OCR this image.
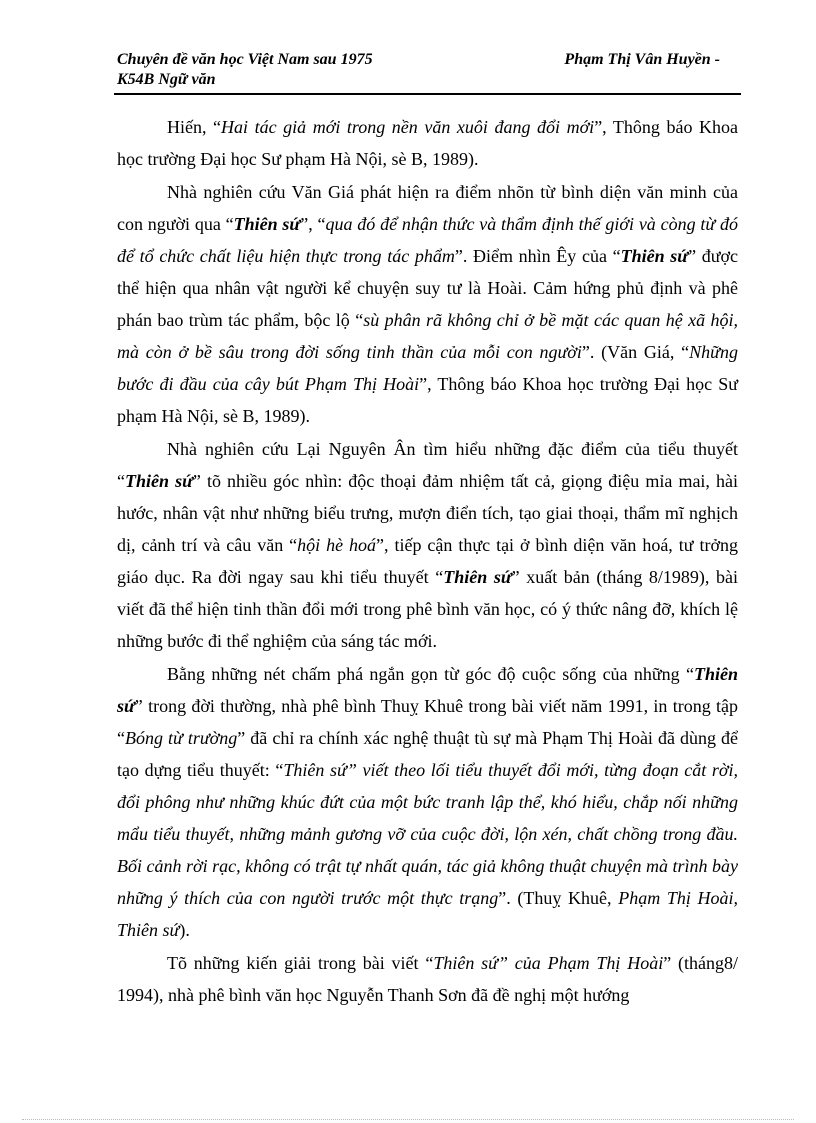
Chuyên đề văn học Việt Nam sau 1975	Phạm Thị Vân Huyền -
K54B Ngữ văn

Hiến, “Hai tác giả mới trong nền văn xuôi đang đổi mới”, Thông báo Khoa học trường Đại học Sư phạm Hà Nội, sè B, 1989).

Nhà nghiên cứu Văn Giá phát hiện ra điểm nhõn từ bình diện văn minh của con người qua “Thiên sứ”, “qua đó để nhận thức và thẩm định thế giới và còng từ đó để tổ chức chất liệu hiện thực trong tác phẩm”. Điểm nhìn Êy của “Thiên sứ” được thể hiện qua nhân vật người kể chuyện suy tư là Hoài. Cảm hứng phủ định và phê phán bao trùm tác phẩm, bộc lộ “sù phân rã không chỉ ở bề mặt các quan hệ xã hội, mà còn ở bề sâu trong đời sống tinh thần của mỗi con người”. (Văn Giá, “Những bước đi đầu của cây bút Phạm Thị Hoài”, Thông báo Khoa học trường Đại học Sư phạm Hà Nội, sè B, 1989).

Nhà nghiên cứu Lại Nguyên Ân tìm hiểu những đặc điểm của tiểu thuyết “Thiên sứ” tõ nhiều góc nhìn: độc thoại đảm nhiệm tất cả, giọng điệu mỉa mai, hài hước, nhân vật như những biểu trưng, mượn điển tích, tạo giai thoại, thẩm mĩ nghịch dị, cảnh trí và câu văn “hội hè hoá”, tiếp cận thực tại ở bình diện văn hoá, tư trởng giáo dục. Ra đời ngay sau khi tiểu thuyết “Thiên sứ” xuất bản (tháng 8/1989), bài viết đã thể hiện tinh thần đổi mới trong phê bình văn học, có ý thức nâng đỡ, khích lệ những bước đi thể nghiệm của sáng tác mới.

Bằng những nét chấm phá ngắn gọn từ góc độ cuộc sống của những “Thiên sứ” trong đời thường, nhà phê bình Thuỵ Khuê trong bài viết năm 1991, in trong tập “Bóng từ trường” đã chỉ ra chính xác nghệ thuật tù sự mà Phạm Thị Hoài đã dùng để tạo dựng tiểu thuyết: “Thiên sứ” viết theo lối tiểu thuyết đổi mới, từng đoạn cắt rời, đổi phông như những khúc đứt của một bức tranh lập thể, khó hiểu, chắp nối những mẩu tiểu thuyết, những mảnh gương vỡ của cuộc đời, lộn xén, chất chồng trong đầu. Bối cảnh rời rạc, không có trật tự nhất quán, tác giả không thuật chuyện mà trình bày những ý thích của con người trước một thực trạng”. (Thuỵ Khuê, Phạm Thị Hoài, Thiên sứ).

Tõ những kiến giải trong bài viết “Thiên sứ” của Phạm Thị Hoài” (tháng8/ 1994), nhà phê bình văn học Nguyễn Thanh Sơn đã đề nghị một hướng
